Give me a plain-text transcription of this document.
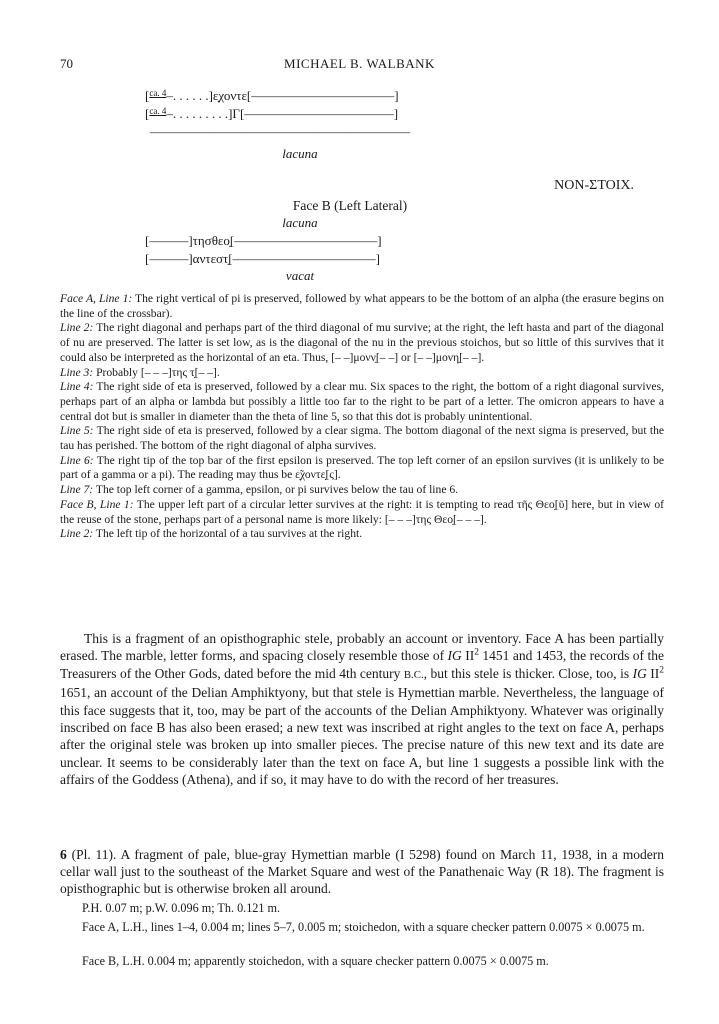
70	MICHAEL B. WALBANK
[$^{ca. 4}$–. . . . . .]ε̣χοντε[––––––––––––––––––––––]
[$^{ca. 4}$–. . . . . . . . .]Γ[–––––––––––––––––––––––]
––––––––––––––––––––––––––––––––––––––––
lacuna
NON-ΣΤΟΙΧ.
Face B (Left Lateral)
lacuna
[––––––]τησθεο̣[––––––––––––––––––––––]
[––––––]αντεστ̣[––––––––––––––––––––––]
vacat

Face A, Line 1: The right vertical of pi is preserved, followed by what appears to be the bottom of an alpha (the erasure begins on the line of the crossbar).

Line 2: The right diagonal and perhaps part of the third diagonal of mu survive; at the right, the left hasta and part of the diagonal of nu are preserved. The latter is set low, as is the diagonal of the nu in the previous stoichos, but so little of this survives that it could also be interpreted as the horizontal of an eta. Thus, [– –]μονν̣[– –] or [– –]μονη̣[– –].

Line 3: Probably [– – –]της τ̣[– –].

Line 4: The right side of eta is preserved, followed by a clear mu. Six spaces to the right, the bottom of a right diagonal survives, perhaps part of an alpha or lambda but possibly a little too far to the right to be part of a letter. The omicron appears to have a central dot but is smaller in diameter than the theta of line 5, so that this dot is probably unintentional.

Line 5: The right side of eta is preserved, followed by a clear sigma. The bottom diagonal of the next sigma is preserved, but the tau has perished. The bottom of the right diagonal of alpha survives.

Line 6: The right tip of the top bar of the first epsilon is preserved. The top left corner of an epsilon survives (it is unlikely to be part of a gamma or a pi). The reading may thus be ε̣̃χοντε̣[ς].

Line 7: The top left corner of a gamma, epsilon, or pi survives below the tau of line 6.

Face B, Line 1: The upper left part of a circular letter survives at the right: it is tempting to read τῆς Θεο̣[ῦ] here, but in view of the reuse of the stone, perhaps part of a personal name is more likely: [– – –]της Θεο̣[– – –].

Line 2: The left tip of the horizontal of a tau survives at the right.

This is a fragment of an opisthographic stele, probably an account or inventory. Face A has been partially erased. The marble, letter forms, and spacing closely resemble those of IG $II^2$ 1451 and 1453, the records of the Treasurers of the Other Gods, dated before the mid 4th century B.C., but this stele is thicker. Close, too, is IG $II^2$ 1651, an account of the Delian Amphiktyony, but that stele is Hymettian marble. Nevertheless, the language of this face suggests that it, too, may be part of the accounts of the Delian Amphiktyony. Whatever was originally inscribed on face B has also been erased; a new text was inscribed at right angles to the text on face A, perhaps after the original stele was broken up into smaller pieces. The precise nature of this new text and its date are unclear. It seems to be considerably later than the text on face A, but line 1 suggests a possible link with the affairs of the Goddess (Athena), and if so, it may have to do with the record of her treasures.
6 (Pl. 11). A fragment of pale, blue-gray Hymettian marble (I 5298) found on March 11, 1938, in a modern cellar wall just to the southeast of the Market Square and west of the Panathenaic Way (R 18). The fragment is opisthographic but is otherwise broken all around.
P.H. 0.07 m; p.W. 0.096 m; Th. 0.121 m.
Face A, L.H., lines 1–4, 0.004 m; lines 5–7, 0.005 m; stoichedon, with a square checker pattern 0.0075 × 0.0075 m.
Face B, L.H. 0.004 m; apparently stoichedon, with a square checker pattern 0.0075 × 0.0075 m.
